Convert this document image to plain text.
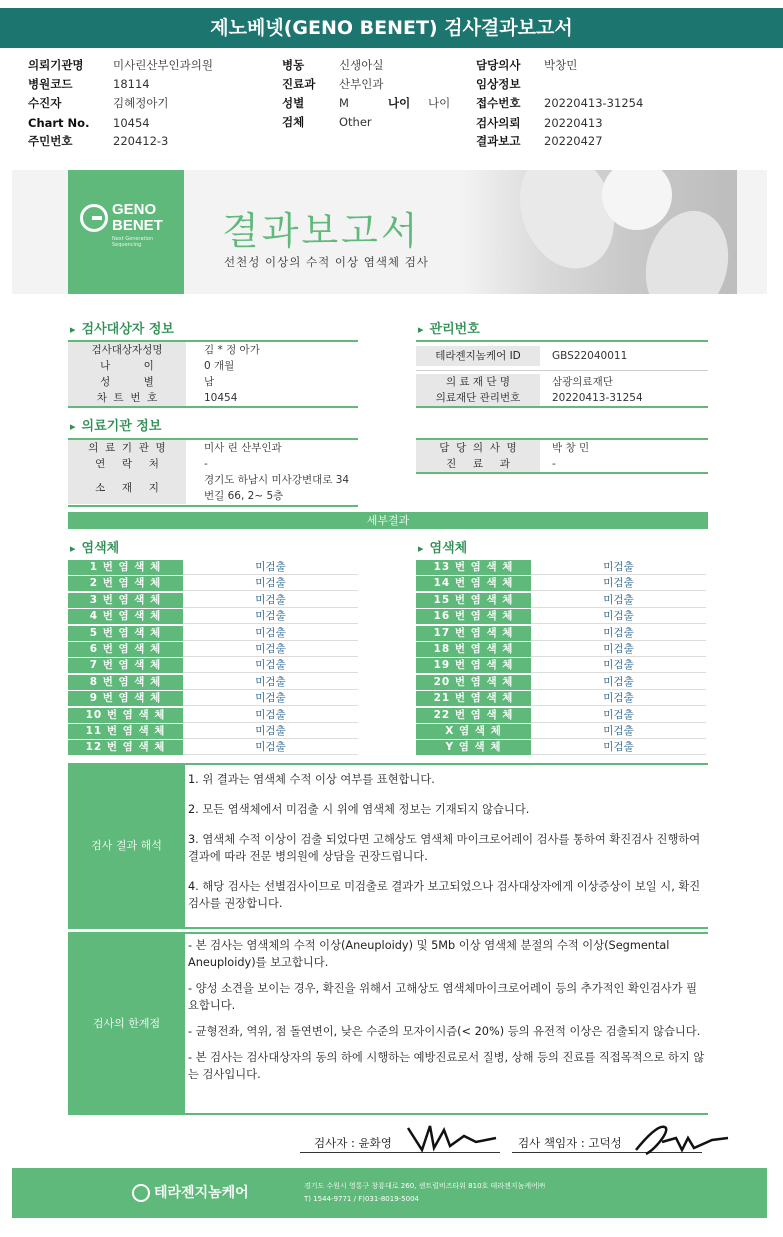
제노베넷(GENO BENET) 검사결과보고서
의뢰기관명	미사린산부인과의원
병원코드	18114
수진자	김혜정아기
Chart No. 10454
주민번호	220412-3
병동	신생아실
진료과 산부인과
성별	M
검체	Other
나이 나이
담당의사 박창민
임상정보
접수번호 20220413-31254
검사의뢰 20220413
결과보고 20220427
GENO
BENET
Next Generation Sequencing	결과보고서
선천성 이상의 수적 이상 염색체 검사
▸ 검사대상자 정보
검사대상자성명	김 * 정 아가
나          이	0 개월
성          별	남
차  트  번  호	10454
▸ 관리번호
테라젠지놈케어 ID	GBS22040011
의 료 재 단 명	삼광의료재단
의료재단 관리번호	20220413-31254
▸ 의료기관 정보
의  료  기  관  명	미사 린 산부인과
연     락     처	-
소     재     지
경기도 하남시 미사강변대로 34 번길 66, 2~ 5층
담  당  의  사  명	박 창 민
진     료     과	-
세부결과
▸ 염색체
▸	염색체
1 번 염 색 체	미검출
2 번 염 색 체	미검출
3 번 염 색 체	미검출
4 번 염 색 체	미검출
5 번 염 색 체	미검출
6 번 염 색 체	미검출
7 번 염 색 체	미검출
8 번 염 색 체	미검출
9 번 염 색 체	미검출
10 번 염 색 체	미검출
11 번 염 색 체	미검출
12 번 염 색 체	미검출
13 번 염 색 체	미검출
14 번 염 색 체	미검출
15 번 염 색 체	미검출
16 번 염 색 체	미검출
17 번 염 색 체	미검출
18 번 염 색 체	미검출
19 번 염 색 체	미검출
20 번 염 색 체	미검출
21 번 염 색 체	미검출
22 번 염 색 체	미검출
X 염 색 체	미검출
Y 염 색 체	미검출
검사 결과 해석

1. 위 결과는 염색체 수적 이상 여부를 표현합니다.

2. 모든 염색체에서 미검출 시 위에 염색체 정보는 기재되지 않습니다.

3. 염색체 수적 이상이 검출 되었다면 고해상도 염색체 마이크로어레이 검사를 통하여 확진검사 진행하여 결과에 따라 전문 병의원에 상담을 권장드립니다.

4. 해당 검사는 선별검사이므로 미검출로 결과가 보고되었으나 검사대상자에게 이상증상이 보일 시, 확진검사를 권장합니다.

검사의 한계점

- 본 검사는 염색체의 수적 이상(Aneuploidy) 및 5Mb 이상 염색체 분절의 수적 이상(Segmental Aneuploidy)를 보고합니다.

- 양성 소견을 보이는 경우, 확진을 위해서 고해상도 염색체마이크로어레이 등의 추가적인 확인검사가 필요합니다.

- 균형전좌, 역위, 점 돌연변이, 낮은 수준의 모자이시즘(< 20%) 등의 유전적 이상은 검출되지 않습니다.

- 본 검사는 검사대상자의 동의 하에 시행하는 예방진료로서 질병, 상해 등의 진료를 직접목적으로 하지 않는 검사입니다.

검사자 : 윤화영	검사 책임자 : 고덕성
테라젠지놈케어	경기도 수원시 영통구 창룡대로 260, 센트럴비즈타워 810호 테라젠지놈케어㈜
T) 1544-9771 / F)031-8019-5004
